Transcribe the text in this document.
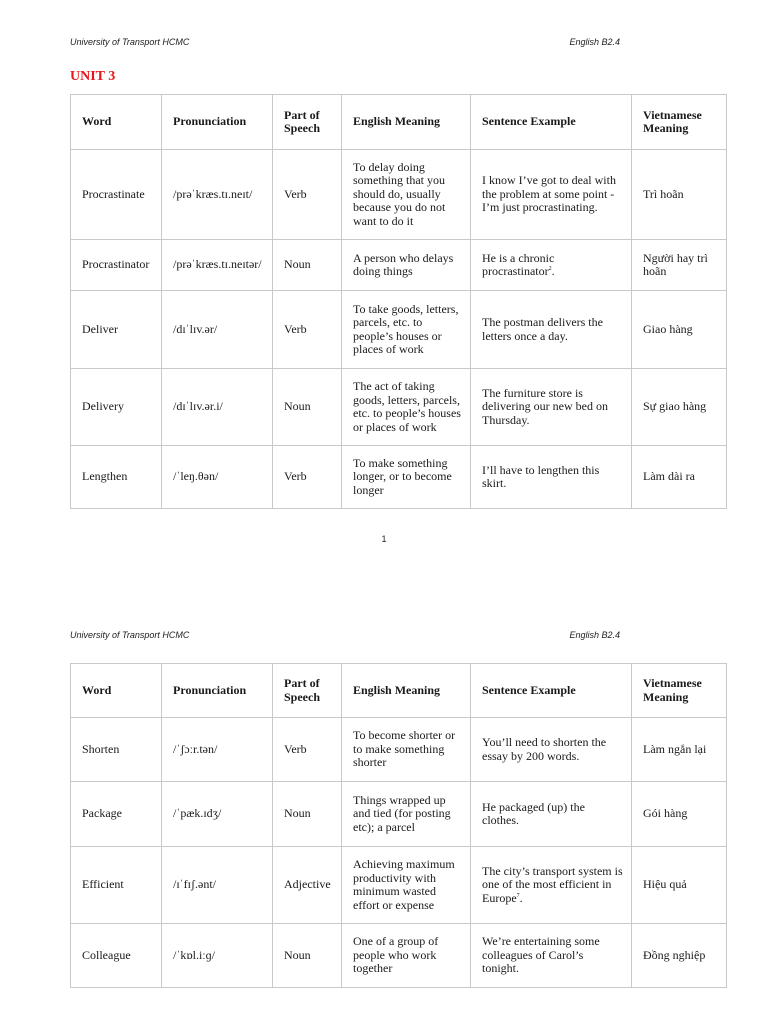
University of Transport HCMC	English B2.4
UNIT 3
Word	Pronunciation	Part of Speech	English Meaning	Sentence Example	Vietnamese Meaning
Procrastinate	/prəˈkræs.tɪ.neɪt/	Verb	To delay doing something that you should do, usually because you do not want to do it	I know I’ve got to deal with the problem at some point - I’m just procrastinating.	Trì hoãn
Procrastinator	/prəˈkræs.tɪ.neɪtər/	Noun	A person who delays doing things	He is a chronic procrastinator$^2$.	Người hay trì hoãn
Deliver	/dɪˈlɪv.ər/	Verb	To take goods, letters, parcels, etc. to people’s houses or places of work	The postman delivers the letters once a day.	Giao hàng
Delivery	/dɪˈlɪv.ər.i/	Noun	The act of taking goods, letters, parcels, etc. to people’s houses or places of work	The furniture store is delivering our new bed on Thursday.	Sự giao hàng
Lengthen	/ˈleŋ.θən/	Verb	To make something longer, or to become longer	I’ll have to lengthen this skirt.	Làm dài ra
1
University of Transport HCMC	English B2.4
Word	Pronunciation	Part of Speech	English Meaning	Sentence Example	Vietnamese Meaning
Shorten	/ˈʃɔːr.tən/	Verb	To become shorter or to make something shorter	You’ll need to shorten the essay by 200 words.	Làm ngắn lại
Package	/ˈpæk.ɪdʒ/	Noun	Things wrapped up and tied (for posting etc); a parcel	He packaged (up) the clothes.	Gói hàng
Efficient	/ɪˈfɪʃ.ənt/	Adjective	Achieving maximum productivity with minimum wasted effort or expense	The city’s transport system is one of the most efficient in Europe$^7$.	Hiệu quả
Colleague	/ˈkɒl.iːɡ/	Noun	One of a group of people who work together	We’re entertaining some colleagues of Carol’s tonight.	Đồng nghiệp
